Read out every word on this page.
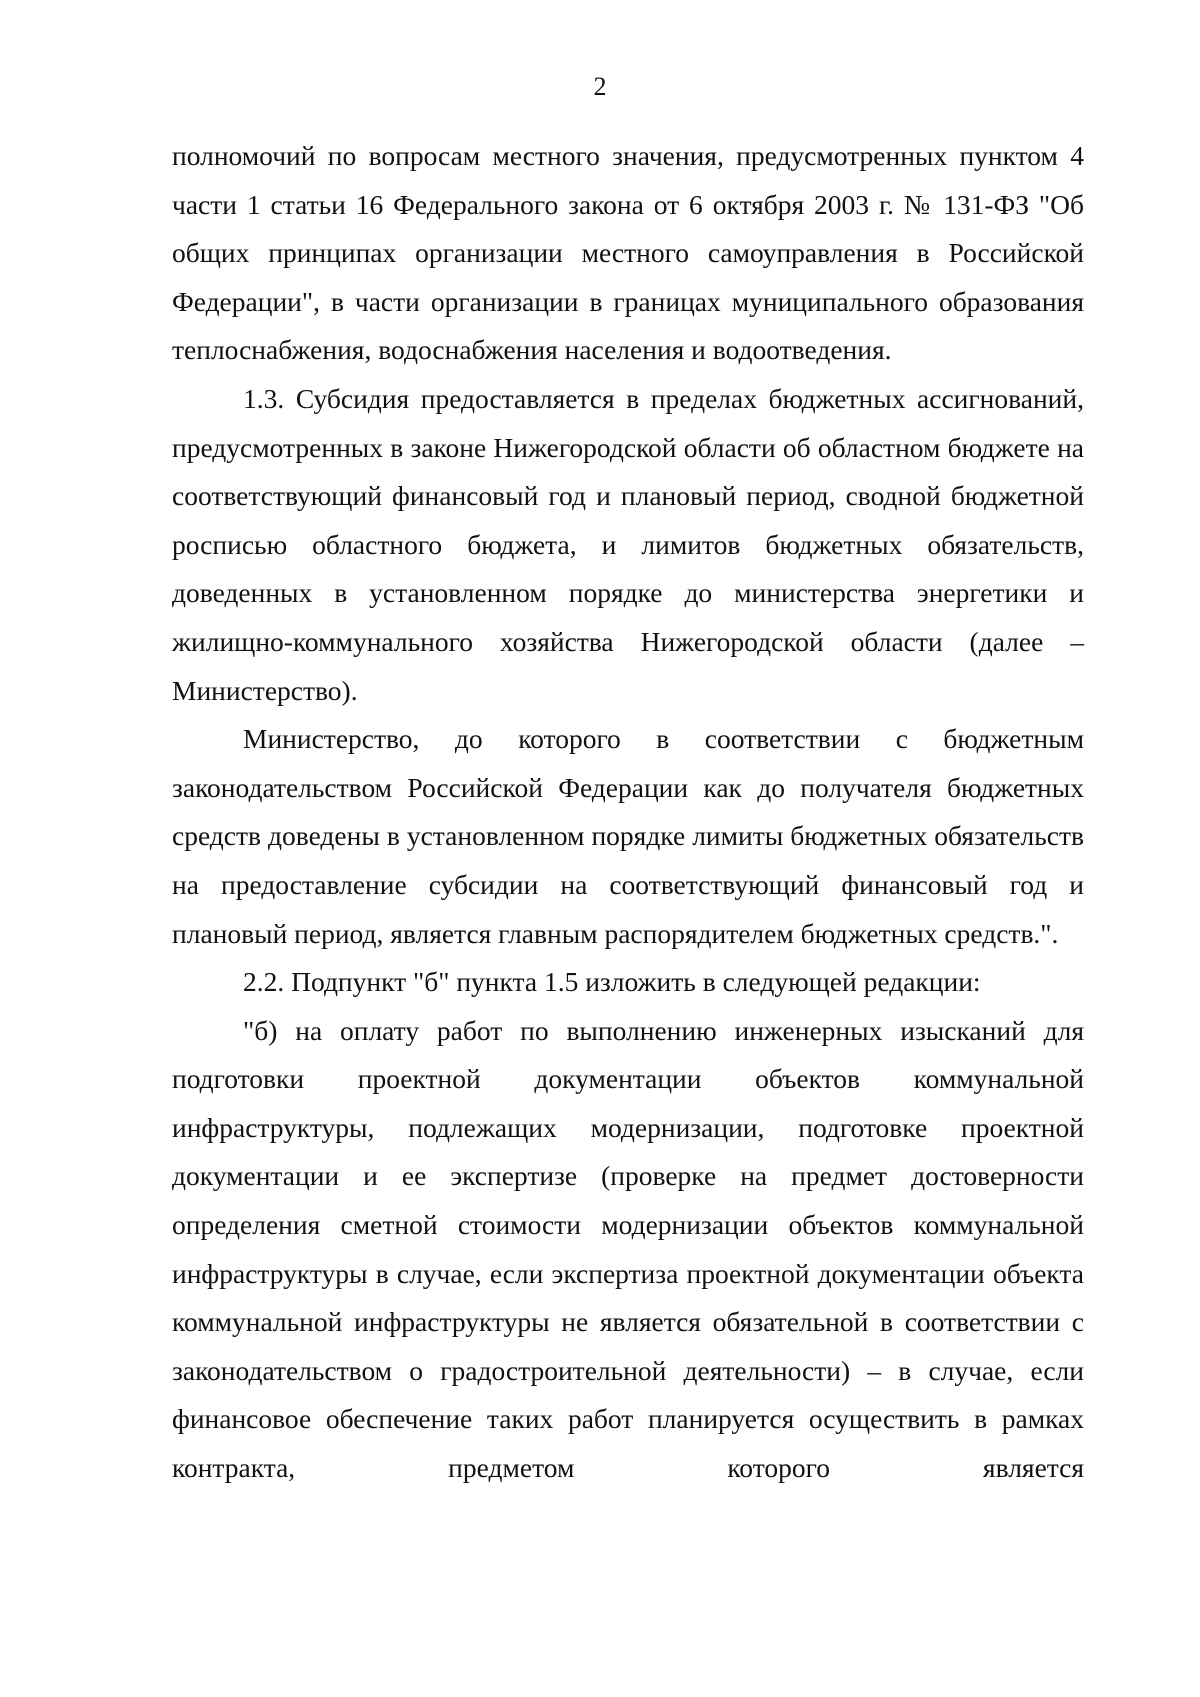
2

полномочий по вопросам местного значения, предусмотренных пунктом 4 части 1 статьи 16 Федерального закона от 6 октября 2003 г. № 131-ФЗ "Об общих принципах организации местного самоуправления в Российской Федерации", в части организации в границах муниципального образования теплоснабжения, водоснабжения населения и водоотведения.

1.3. Субсидия предоставляется в пределах бюджетных ассигнований, предусмотренных в законе Нижегородской области об областном бюджете на соответствующий финансовый год и плановый период, сводной бюджетной росписью областного бюджета, и лимитов бюджетных обязательств, доведенных в установленном порядке до министерства энергетики и жилищно-коммунального хозяйства Нижегородской области (далее – Министерство).

Министерство, до которого в соответствии с бюджетным законодательством Российской Федерации как до получателя бюджетных средств доведены в установленном порядке лимиты бюджетных обязательств на предоставление субсидии на соответствующий финансовый год и плановый период, является главным распорядителем бюджетных средств.".

2.2. Подпункт "б" пункта 1.5 изложить в следующей редакции:

"б) на оплату работ по выполнению инженерных изысканий для подготовки проектной документации объектов коммунальной инфраструктуры, подлежащих модернизации, подготовке проектной документации и ее экспертизе (проверке на предмет достоверности определения сметной стоимости модернизации объектов коммунальной инфраструктуры в случае, если экспертиза проектной документации объекта коммунальной инфраструктуры не является обязательной в соответствии с законодательством о градостроительной деятельности) – в случае, если финансовое обеспечение таких работ планируется осуществить в рамках контракта, предметом которого является
